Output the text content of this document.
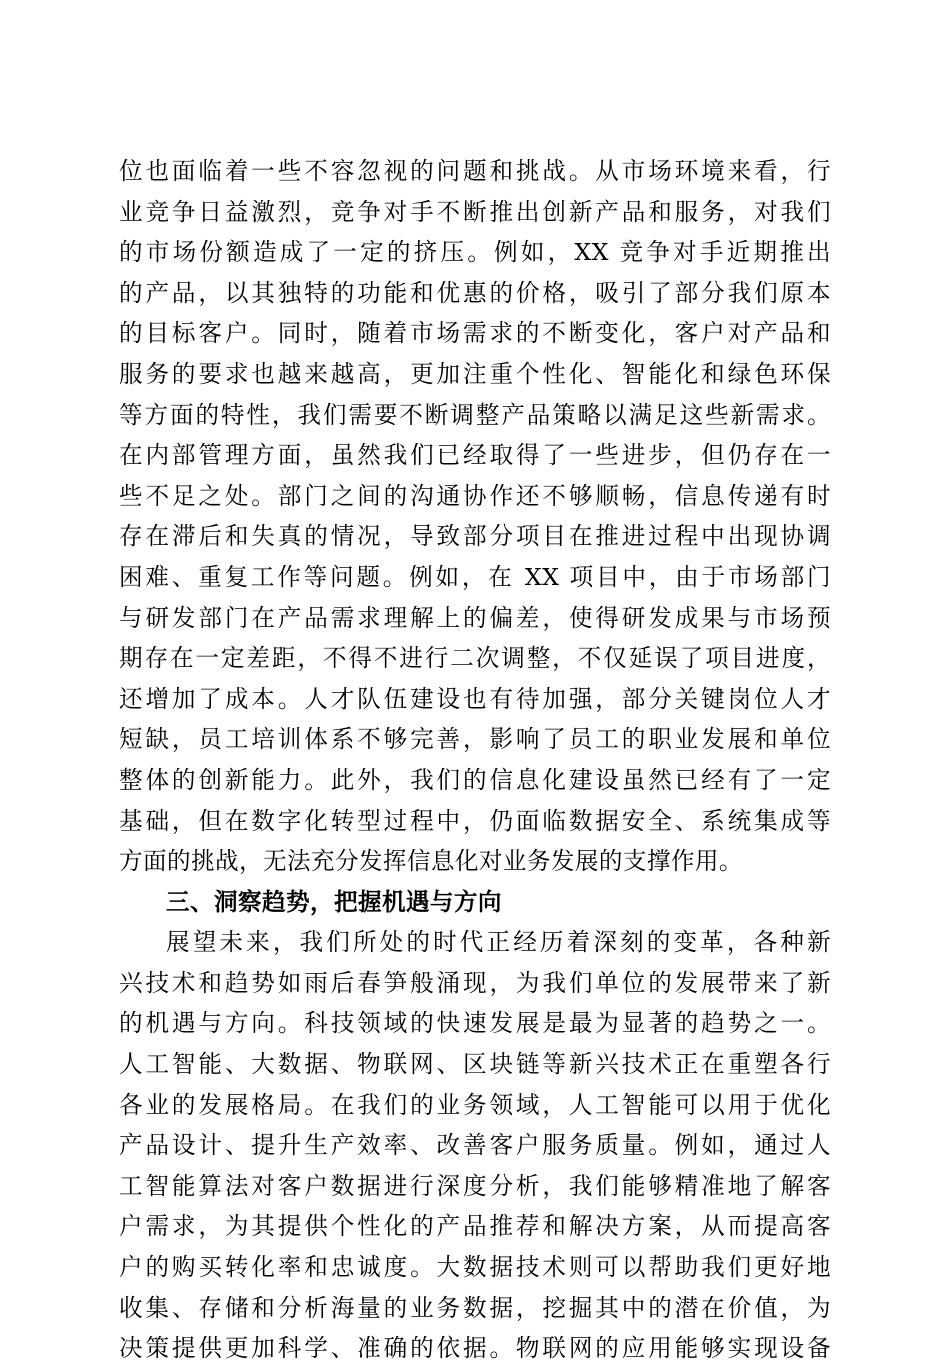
位也面临着一些不容忽视的问题和挑战。从市场环境来看，行
业竞争日益激烈，竞争对手不断推出创新产品和服务，对我们
的市场份额造成了一定的挤压。例如，XX 竞争对手近期推出
的产品，以其独特的功能和优惠的价格，吸引了部分我们原本
的目标客户。同时，随着市场需求的不断变化，客户对产品和
服务的要求也越来越高，更加注重个性化、智能化和绿色环保
等方面的特性，我们需要不断调整产品策略以满足这些新需求。
在内部管理方面，虽然我们已经取得了一些进步，但仍存在一
些不足之处。部门之间的沟通协作还不够顺畅，信息传递有时
存在滞后和失真的情况，导致部分项目在推进过程中出现协调
困难、重复工作等问题。例如，在 XX 项目中，由于市场部门
与研发部门在产品需求理解上的偏差，使得研发成果与市场预
期存在一定差距，不得不进行二次调整，不仅延误了项目进度，
还增加了成本。人才队伍建设也有待加强，部分关键岗位人才
短缺，员工培训体系不够完善，影响了员工的职业发展和单位
整体的创新能力。此外，我们的信息化建设虽然已经有了一定
基础，但在数字化转型过程中，仍面临数据安全、系统集成等
方面的挑战，无法充分发挥信息化对业务发展的支撑作用。
三、洞察趋势，把握机遇与方向
展望未来，我们所处的时代正经历着深刻的变革，各种新
兴技术和趋势如雨后春笋般涌现，为我们单位的发展带来了新
的机遇与方向。科技领域的快速发展是最为显著的趋势之一。
人工智能、大数据、物联网、区块链等新兴技术正在重塑各行
各业的发展格局。在我们的业务领域，人工智能可以用于优化
产品设计、提升生产效率、改善客户服务质量。例如，通过人
工智能算法对客户数据进行深度分析，我们能够精准地了解客
户需求，为其提供个性化的产品推荐和解决方案，从而提高客
户的购买转化率和忠诚度。大数据技术则可以帮助我们更好地
收集、存储和分析海量的业务数据，挖掘其中的潜在价值，为
决策提供更加科学、准确的依据。物联网的应用能够实现设备
